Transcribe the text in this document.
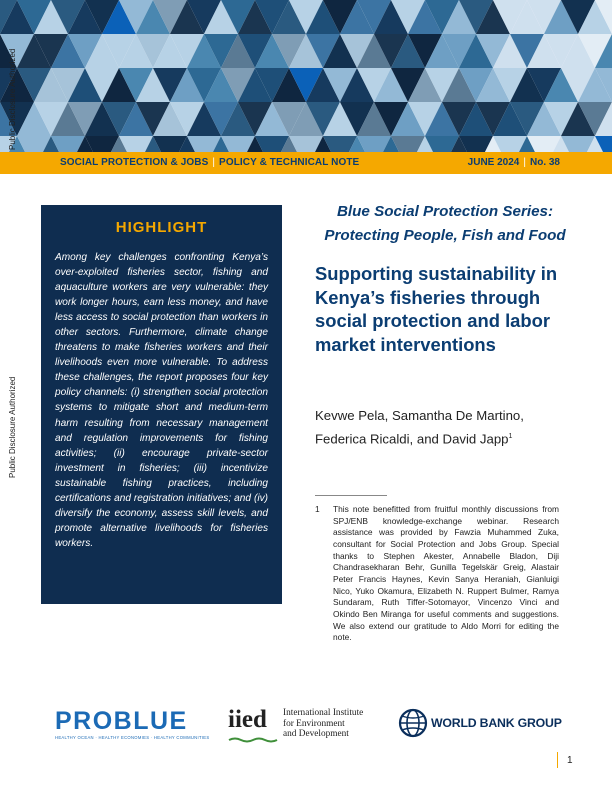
SOCIAL PROTECTION & JOBS | POLICY & TECHNICAL NOTE	JUNE 2024 | No. 38
Public Disclosure Authorized
Public Disclosure Authorized
HIGHLIGHT

Among key challenges confronting Kenya’s over-exploited fisheries sector, fishing and aquaculture workers are very vulnerable: they work longer hours, earn less money, and have less access to social protection than workers in other sectors. Furthermore, climate change threatens to make fisheries workers and their livelihoods even more vulnerable. To address these challenges, the report proposes four key policy channels: (i) strengthen social protection systems to mitigate short and medium-term harm resulting from necessary management and regulation improvements for fishing activities; (ii) encourage private-sector investment in fisheries; (iii) incentivize sustainable fishing practices, including certifications and registration initiatives; and (iv) diversify the economy, assess skill levels, and promote alternative livelihoods for fisheries workers.

Blue Social Protection Series:
Protecting People, Fish and Food
Supporting sustainability in Kenya’s fisheries through social protection and labor market interventions
Kevwe Pela, Samantha De Martino,
Federica Ricaldi, and David Japp$^1$
1 This note benefitted from fruitful monthly discussions from SPJ/ENB knowledge-exchange webinar. Research assistance was provided by Fawzia Muhammed Zuka, consultant for Social Protection and Jobs Group. Special thanks to Stephen Akester, Annabelle Bladon, Diji Chandrasekharan Behr, Gunilla Tegelskär Greig, Alastair Peter Francis Haynes, Kevin Sanya Heraniah, Gianluigi Nico, Yuko Okamura, Elizabeth N. Ruppert Bulmer, Ramya Sundaram, Ruth Tiffer-Sotomayor, Vincenzo Vinci and Okindo Ben Miranga for useful comments and suggestions. We also extend our gratitude to Aldo Morri for editing the note.
PROBLUE
HEALTHY OCEAN · HEALTHY ECONOMIES · HEALTHY COMMUNITIES
iied International Institute
for Environment
and Development
WORLD BANK GROUP
1
